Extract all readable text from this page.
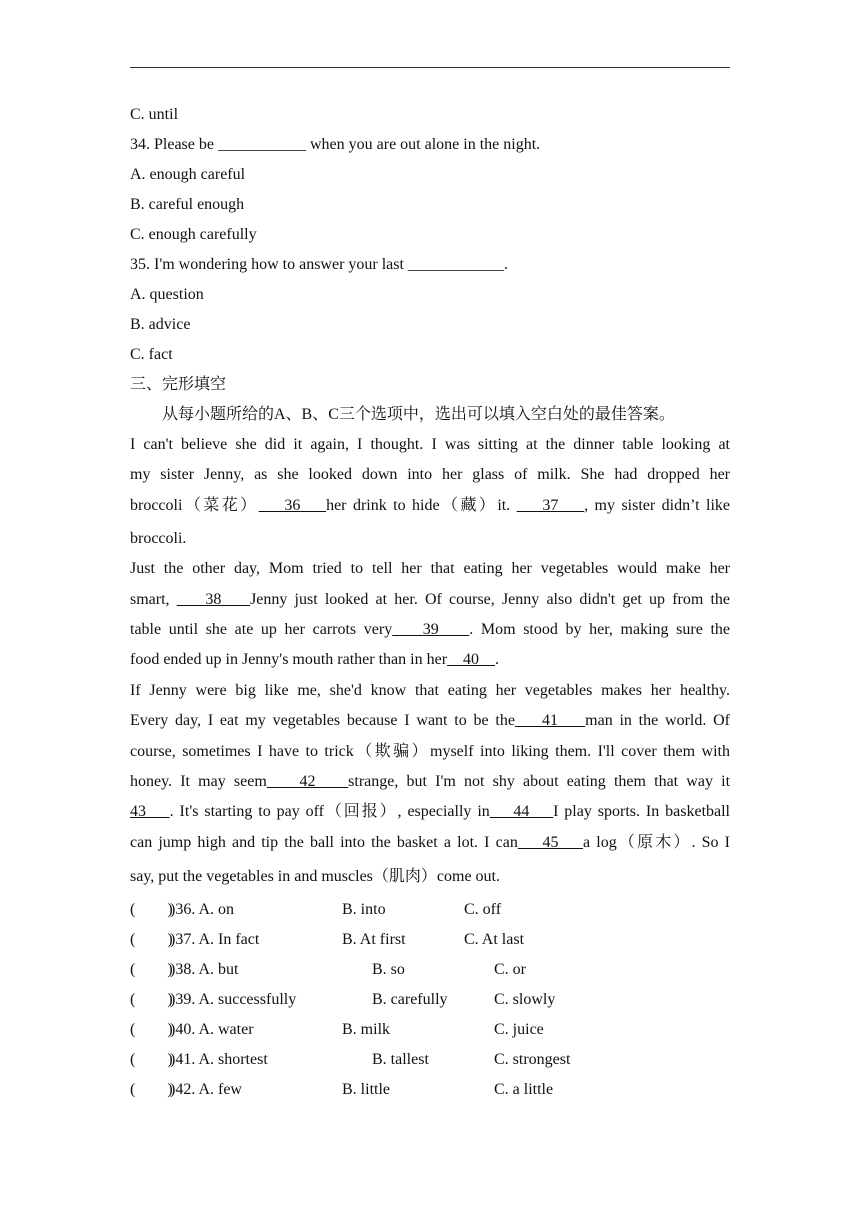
C. until
34. Please be ___________ when you are out alone in the night.
A. enough careful
B. careful enough
C. enough carefully
35. I'm wondering how to answer your last ____________.
A. question
B. advice
C. fact
三、完形填空
从每小题所给的A、B、C三个选项中，选出可以填入空白处的最佳答案。
I can't believe she did it again, I thought. I was sitting at the dinner table looking at
my sister Jenny, as she looked down into her glass of milk. She had dropped her
broccoli（菜花）    36    her drink to hide（藏）it.     37    , my sister didn’t like
broccoli.
Just the other day, Mom tried to tell her that eating her vegetables would make her
smart,     38    Jenny just looked at her. Of course, Jenny also didn't get up from the
table until she ate up her carrots very    39    . Mom stood by her, making sure the
food ended up in Jenny's mouth rather than in her    40    .
If Jenny were big like me, she'd know that eating her vegetables makes her healthy.
Every day, I eat my vegetables because I want to be the    41    man in the world. Of
course, sometimes I have to trick（欺骗）myself into liking them. I'll cover them with
honey. It may seem    42    strange, but I'm not shy about eating them that way it
43    . It's starting to pay off（回报）, especially in    44    I play sports. In basketball
can jump high and tip the ball into the basket a lot. I can    45    a log（原木）. So I
say, put the vegetables in and muscles（肌肉）come out.
(        )
)36. A. on	B. into	C. off
(        )
)37. A. In fact	B. At first	C. At last
(        )
)38. A. but	B. so	C. or
(        )
)39. A. successfully	B. carefully	C. slowly
(        )
)40. A. water	B. milk	C. juice
(        )
)41. A. shortest	B. tallest	C. strongest
(        )
)42. A. few	B. little	C. a little
